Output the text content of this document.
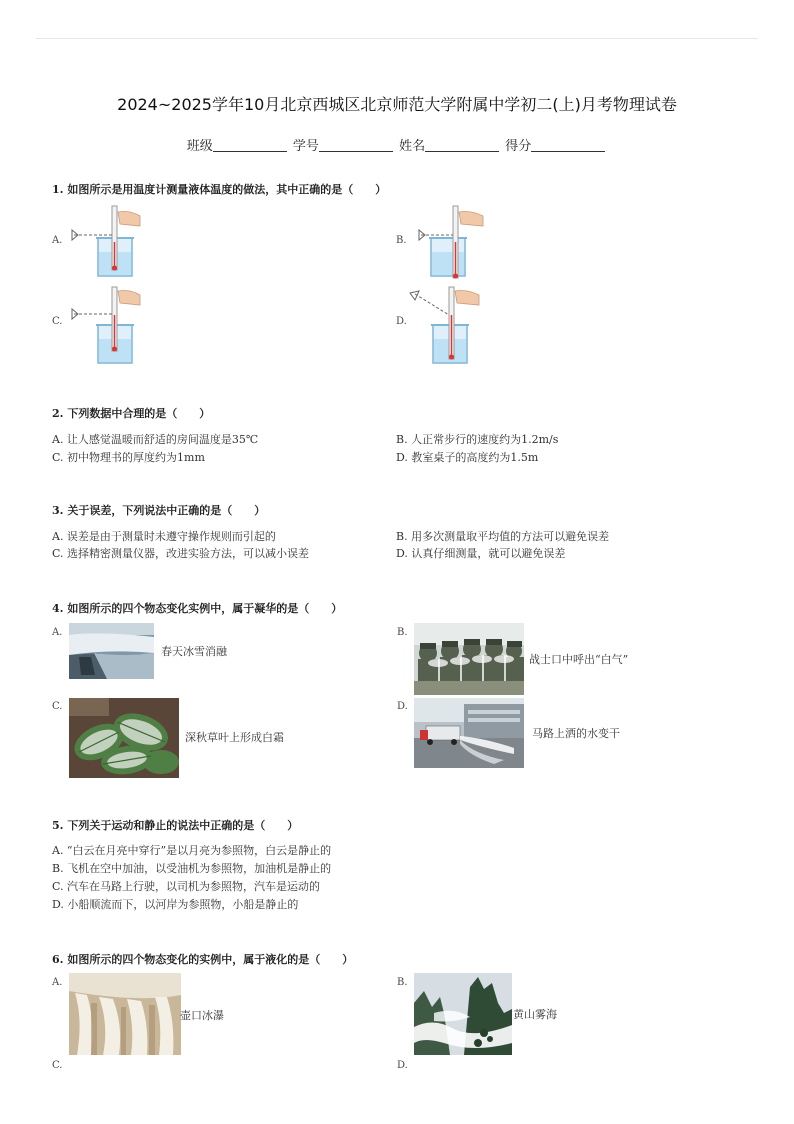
2024~2025学年10月北京西城区北京师范大学附属中学初二(上)月考物理试卷
班级	学号	姓名	得分
1. 如图所示是用温度计测量液体温度的做法，其中正确的是（　　）
A.	B.
C.	D.
2. 下列数据中合理的是（　　）
A. 让人感觉温暖而舒适的房间温度是35℃	B. 人正常步行的速度约为1.2m/s
C. 初中物理书的厚度约为1mm	D. 教室桌子的高度约为1.5m
3. 关于误差，下列说法中正确的是（　　）
A. 误差是由于测量时未遵守操作规则而引起的	B. 用多次测量取平均值的方法可以避免误差
C. 选择精密测量仪器，改进实验方法，可以减小误差	D. 认真仔细测量，就可以避免误差
4. 如图所示的四个物态变化实例中，属于凝华的是（　　）
A.
春天冰雪消融
B.
战士口中呼出“白气”
C.
深秋草叶上形成白霜
D.
马路上洒的水变干
5. 下列关于运动和静止的说法中正确的是（　　）
A. “白云在月亮中穿行”是以月亮为参照物，白云是静止的
B. 飞机在空中加油，以受油机为参照物，加油机是静止的
C. 汽车在马路上行驶，以司机为参照物，汽车是运动的
D. 小船顺流而下，以河岸为参照物，小船是静止的
6. 如图所示的四个物态变化的实例中，属于液化的是（　　）
A.
壶口冰瀑
B.
黄山雾海
C.	D.
